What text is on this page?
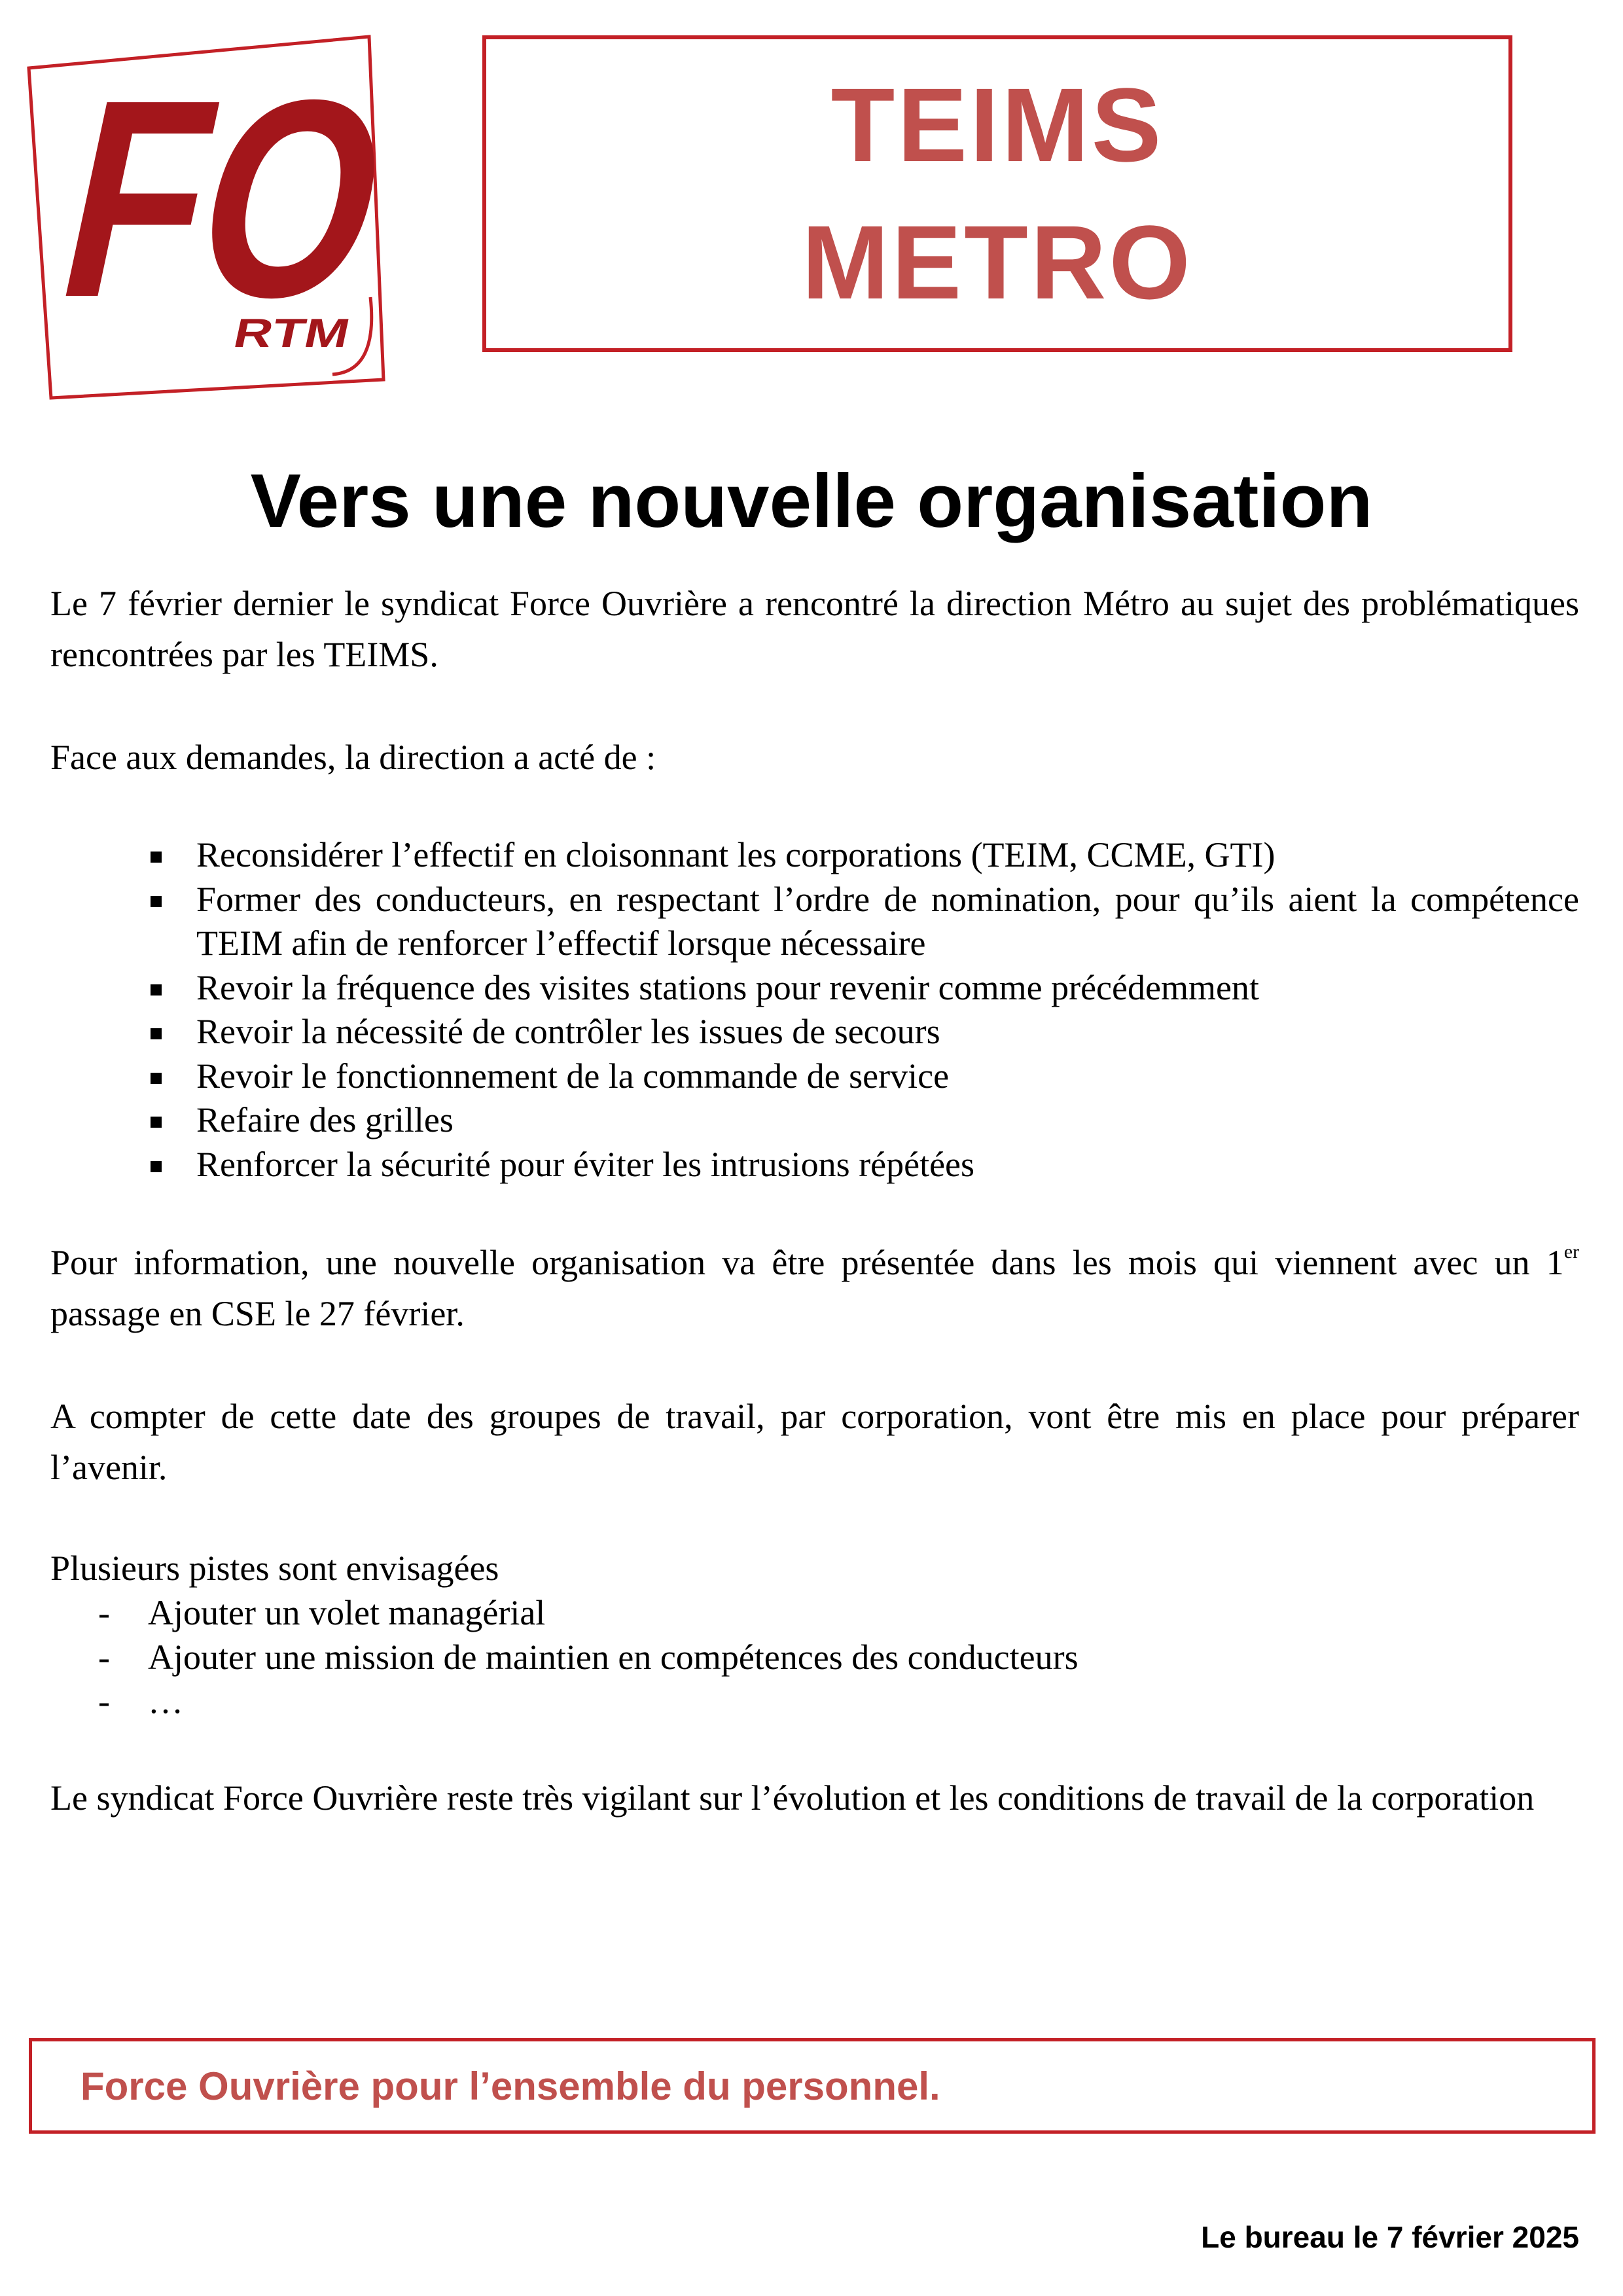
FO
RTM
TEIMS
METRO
Vers une nouvelle organisation
Le 7 février dernier le syndicat Force Ouvrière a rencontré la direction Métro au sujet des problématiques rencontrées par les TEIMS.
Face aux demandes, la direction a acté de :
Reconsidérer l’effectif en cloisonnant les corporations (TEIM, CCME, GTI)
Former des conducteurs, en respectant l’ordre de nomination, pour qu’ils aient la compétence TEIM afin de renforcer l’effectif lorsque nécessaire
Revoir la fréquence des visites stations pour revenir comme précédemment
Revoir la nécessité de contrôler les issues de secours
Revoir le fonctionnement de la commande de service
Refaire des grilles
Renforcer la sécurité pour éviter les intrusions répétées
Pour information, une nouvelle organisation va être présentée dans les mois qui viennent avec un 1er passage en CSE le 27 février.
A compter de cette date des groupes de travail, par corporation, vont être mis en place pour préparer l’avenir.
Plusieurs pistes sont envisagées
- Ajouter un volet managérial
- Ajouter une mission de maintien en compétences des conducteurs
- …
Le syndicat Force Ouvrière reste très vigilant sur l’évolution et les conditions de travail de la corporation
Force Ouvrière pour l’ensemble du personnel.
Le bureau le 7 février 2025
